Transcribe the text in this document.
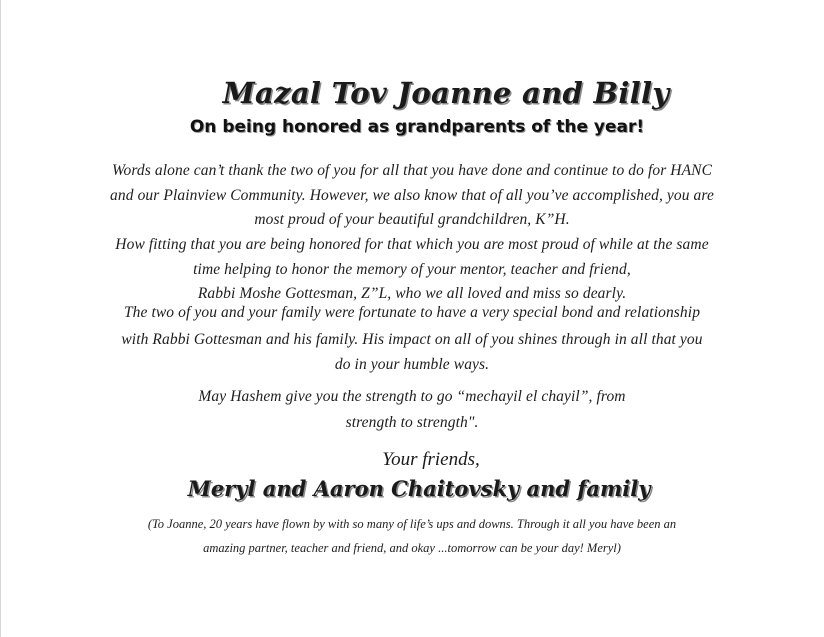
Mazal Tov Joanne and Billy
On being honored as grandparents of the year!
Words alone can’t thank the two of you for all that you have done and continue to do for HANC
and our Plainview Community. However, we also know that of all you’ve accomplished, you are
most proud of your beautiful grandchildren, K”H.
How fitting that you are being honored for that which you are most proud of while at the same
time helping to honor the memory of your mentor, teacher and friend,
Rabbi Moshe Gottesman, Z”L, who we all loved and miss so dearly.
The two of you and your family were fortunate to have a very special bond and relationship
with Rabbi Gottesman and his family. His impact on all of you shines through in all that you
do in your humble ways.
May Hashem give you the strength to go “mechayil el chayil”, from
strength to strength".
Your friends,
Meryl and Aaron Chaitovsky and family
(To Joanne, 20 years have flown by with so many of life’s ups and downs. Through it all you have been an
amazing partner, teacher and friend, and okay ...tomorrow can be your day! Meryl)
